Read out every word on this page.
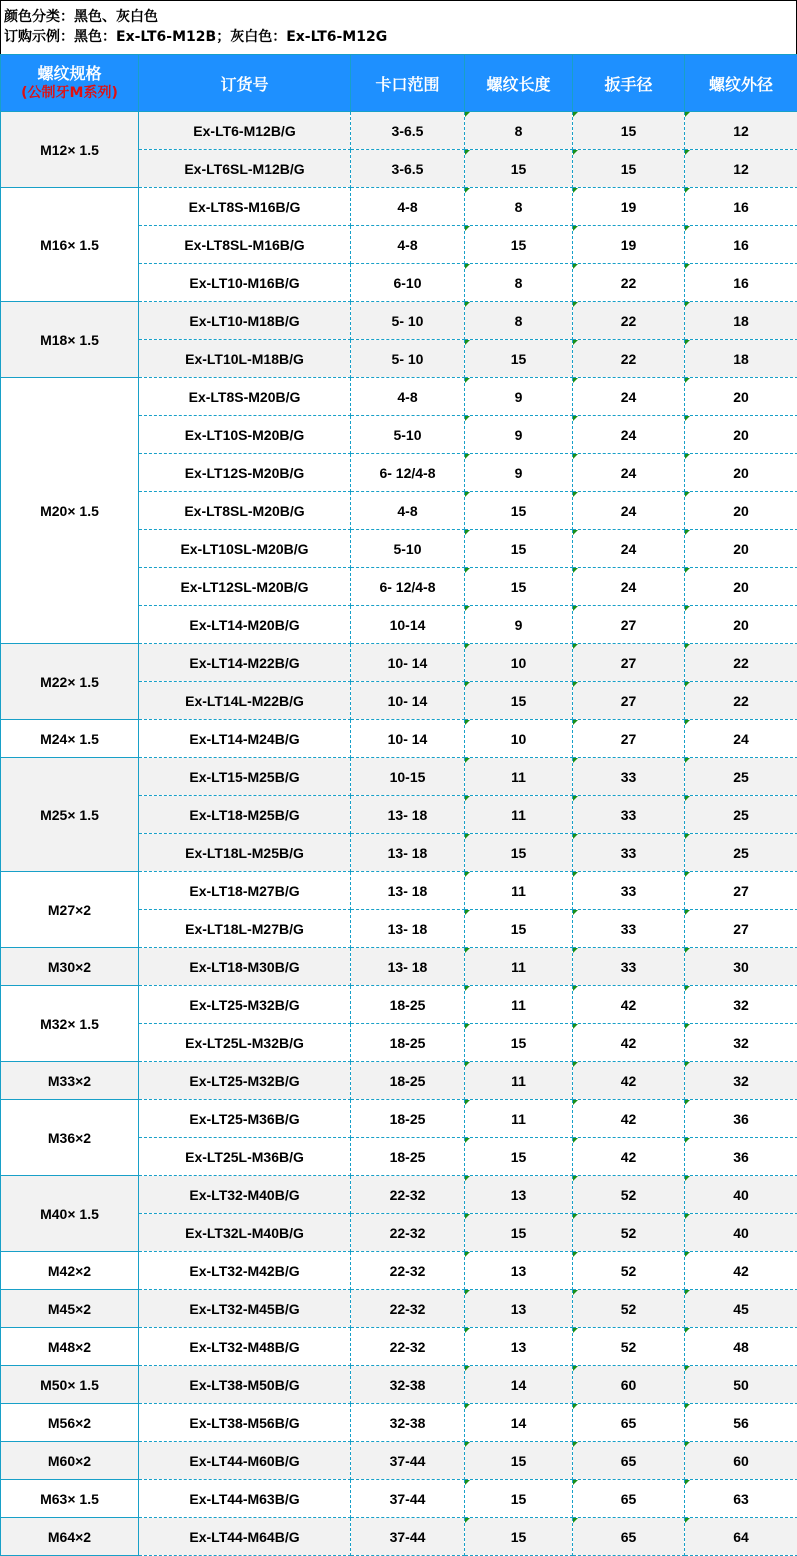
颜色分类：黑色、灰白色
订购示例：黑色：Ex-LT6-M12B；灰白色：Ex-LT6-M12G
螺纹规格
(公制牙M系列)	订货号	卡口范围	螺纹长度	扳手径	螺纹外径
M12× 1.5	Ex-LT6-M12B/G	3-6.5	8	15	12
	Ex-LT6SL-M12B/G	3-6.5	15	15	12
M16× 1.5	Ex-LT8S-M16B/G	4-8	8	19	16
	Ex-LT8SL-M16B/G	4-8	15	19	16
	Ex-LT10-M16B/G	6-10	8	22	16
M18× 1.5	Ex-LT10-M18B/G	5- 10	8	22	18
	Ex-LT10L-M18B/G	5- 10	15	22	18
M20× 1.5	Ex-LT8S-M20B/G	4-8	9	24	20
	Ex-LT10S-M20B/G	5-10	9	24	20
	Ex-LT12S-M20B/G	6- 12/4-8	9	24	20
	Ex-LT8SL-M20B/G	4-8	15	24	20
	Ex-LT10SL-M20B/G	5-10	15	24	20
	Ex-LT12SL-M20B/G	6- 12/4-8	15	24	20
	Ex-LT14-M20B/G	10-14	9	27	20
M22× 1.5	Ex-LT14-M22B/G	10- 14	10	27	22
	Ex-LT14L-M22B/G	10- 14	15	27	22
M24× 1.5	Ex-LT14-M24B/G	10- 14	10	27	24
M25× 1.5	Ex-LT15-M25B/G	10-15	11	33	25
	Ex-LT18-M25B/G	13- 18	11	33	25
	Ex-LT18L-M25B/G	13- 18	15	33	25
M27×2	Ex-LT18-M27B/G	13- 18	11	33	27
	Ex-LT18L-M27B/G	13- 18	15	33	27
M30×2	Ex-LT18-M30B/G	13- 18	11	33	30
M32× 1.5	Ex-LT25-M32B/G	18-25	11	42	32
	Ex-LT25L-M32B/G	18-25	15	42	32
M33×2	Ex-LT25-M32B/G	18-25	11	42	32
M36×2	Ex-LT25-M36B/G	18-25	11	42	36
	Ex-LT25L-M36B/G	18-25	15	42	36
M40× 1.5	Ex-LT32-M40B/G	22-32	13	52	40
	Ex-LT32L-M40B/G	22-32	15	52	40
M42×2	Ex-LT32-M42B/G	22-32	13	52	42
M45×2	Ex-LT32-M45B/G	22-32	13	52	45
M48×2	Ex-LT32-M48B/G	22-32	13	52	48
M50× 1.5	Ex-LT38-M50B/G	32-38	14	60	50
M56×2	Ex-LT38-M56B/G	32-38	14	65	56
M60×2	Ex-LT44-M60B/G	37-44	15	65	60
M63× 1.5	Ex-LT44-M63B/G	37-44	15	65	63
M64×2	Ex-LT44-M64B/G	37-44	15	65	64
